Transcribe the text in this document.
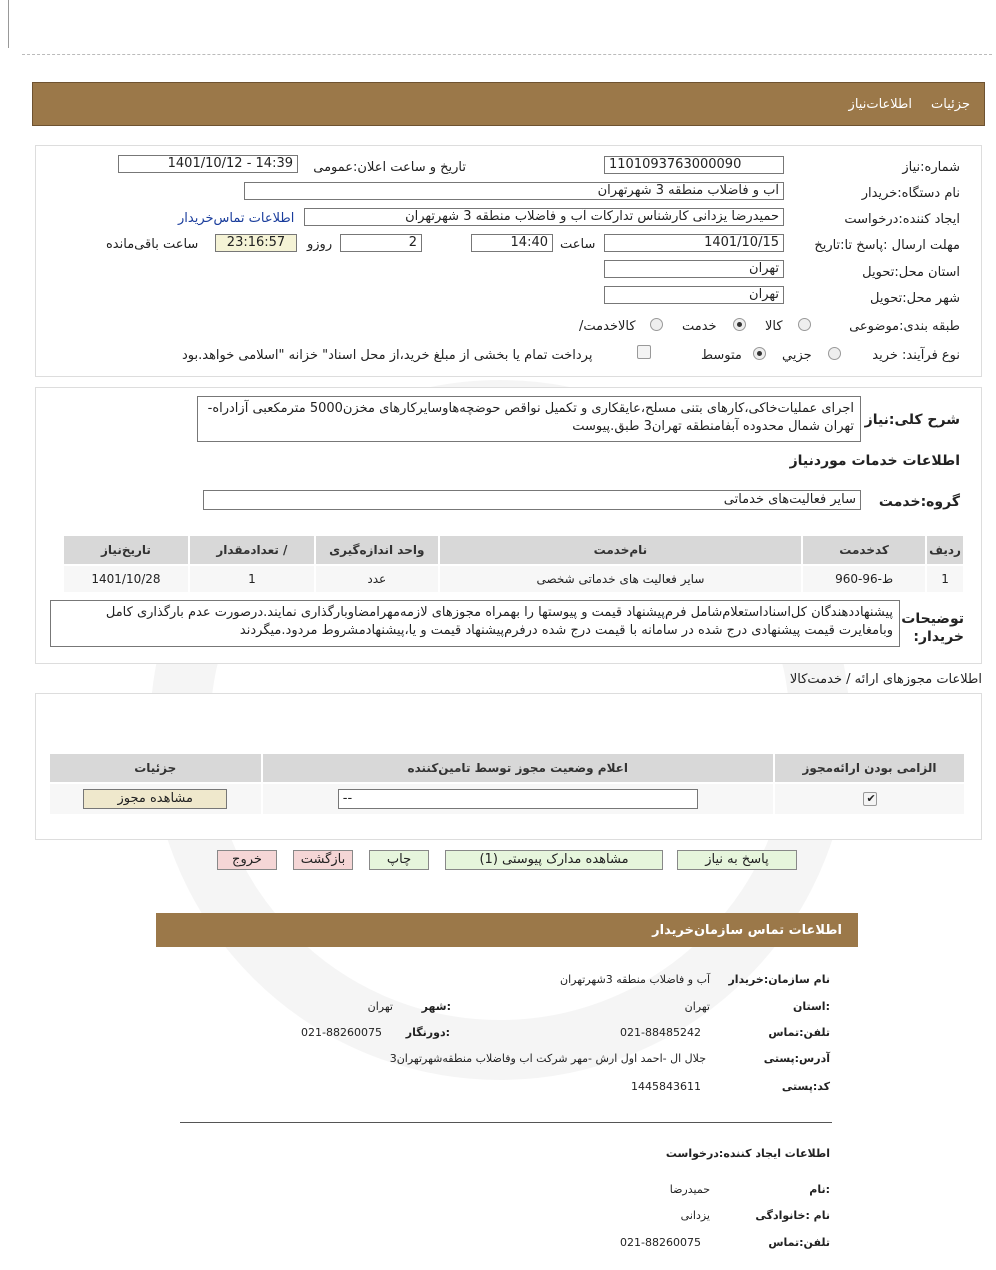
جزئیات
اطلاعات‌نیاز
شماره:نیاز
1101093763000090
تاریخ و ساعت اعلان:عمومی
1401/10/12 - 14:39
نام دستگاه:خریدار
آب و فاضلاب منطقه 3 شهرتهران
ایجاد کننده:درخواست
حمیدرضا یزدانی کارشناس تدارکات آب و فاضلاب منطقه 3 شهرتهران
اطلاعات تماس‌خریدار
مهلت ارسال :پاسخ تا:تاریخ
1401/10/15
ساعت
14:40
2
روزو
23:16:57
ساعت باقی‌مانده
استان محل:تحویل
تهران
شهر محل:تحویل
تهران
طبقه بندی:موضوعی
کالا
خدمت
/کالاخدمت
نوع فرآیند: خرید
جزیي
متوسط
پرداخت تمام یا بخشی از مبلغ خرید،از محل اسناد" خزانه "اسلامی خواهد.بود
شرح کلی:نیاز
اجرای عملیات‌خاکی،کارهای بتنی مسلح،عایقکاری و تکمیل نواقص حوضچه‌هاوسایرکارهای مخزن5000 مترمکعبی آزادراه-تهران شمال محدوده آبفامنطقه تهران3 طبق.پیوست
اطلاعات خدمات موردنیاز
گروه:خدمت
سایر فعالیت‌های خدماتی
ردیف	کدخدمت	نام‌خدمت	واحد اندازه‌گیری	/ تعدادمقدار	تاریخ‌نیاز
1	ط-96-960	سایر فعالیت های خدماتی شخصی	عدد	1	1401/10/28
توضیحات خریدار:
پیشنهاددهندگان کل‌اسناداستعلام‌شامل فرم‌پیشنهاد قیمت و پیوستها را بهمراه مجوزهای لازمه‌مهرامضاوبارگذاری نمایند.درصورت عدم بارگذاری کامل وبامغایرت قیمت پیشنهادی درج شده در سامانه با قیمت درج شده درفرم‌پیشنهاد قیمت و یا،پیشنهادمشروط مردود.میگردند
اطلاعات مجوزهای ارائه / خدمت‌کالا
الزامی بودن ارائه‌مجوز	اعلام وضعیت مجوز توسط تامین‌کننده	جزئیات

✔	--	مشاهده مجوز
پاسخ به نیاز
مشاهده مدارک پیوستی (1)
چاپ
بازگشت
خروج
اطلاعات تماس سازمان‌خریدار
نام سازمان:خریدار
آب و فاضلاب منطقه 3شهرتهران
استان:
تهران
شهر:
تهران
تلفن:تماس
021-88485242
دورنگار:
021-88260075
آدرس:پستی
جلال ال -احمد اول ارش -مهر شرکت اب وفاضلاب منطقه‌شهرتهران3
کد:پستی
1445843611
اطلاعات ایجاد کننده:درخواست
نام:
حمیدرضا
نام :خانوادگی
یزدانی
تلفن:تماس
021-88260075
